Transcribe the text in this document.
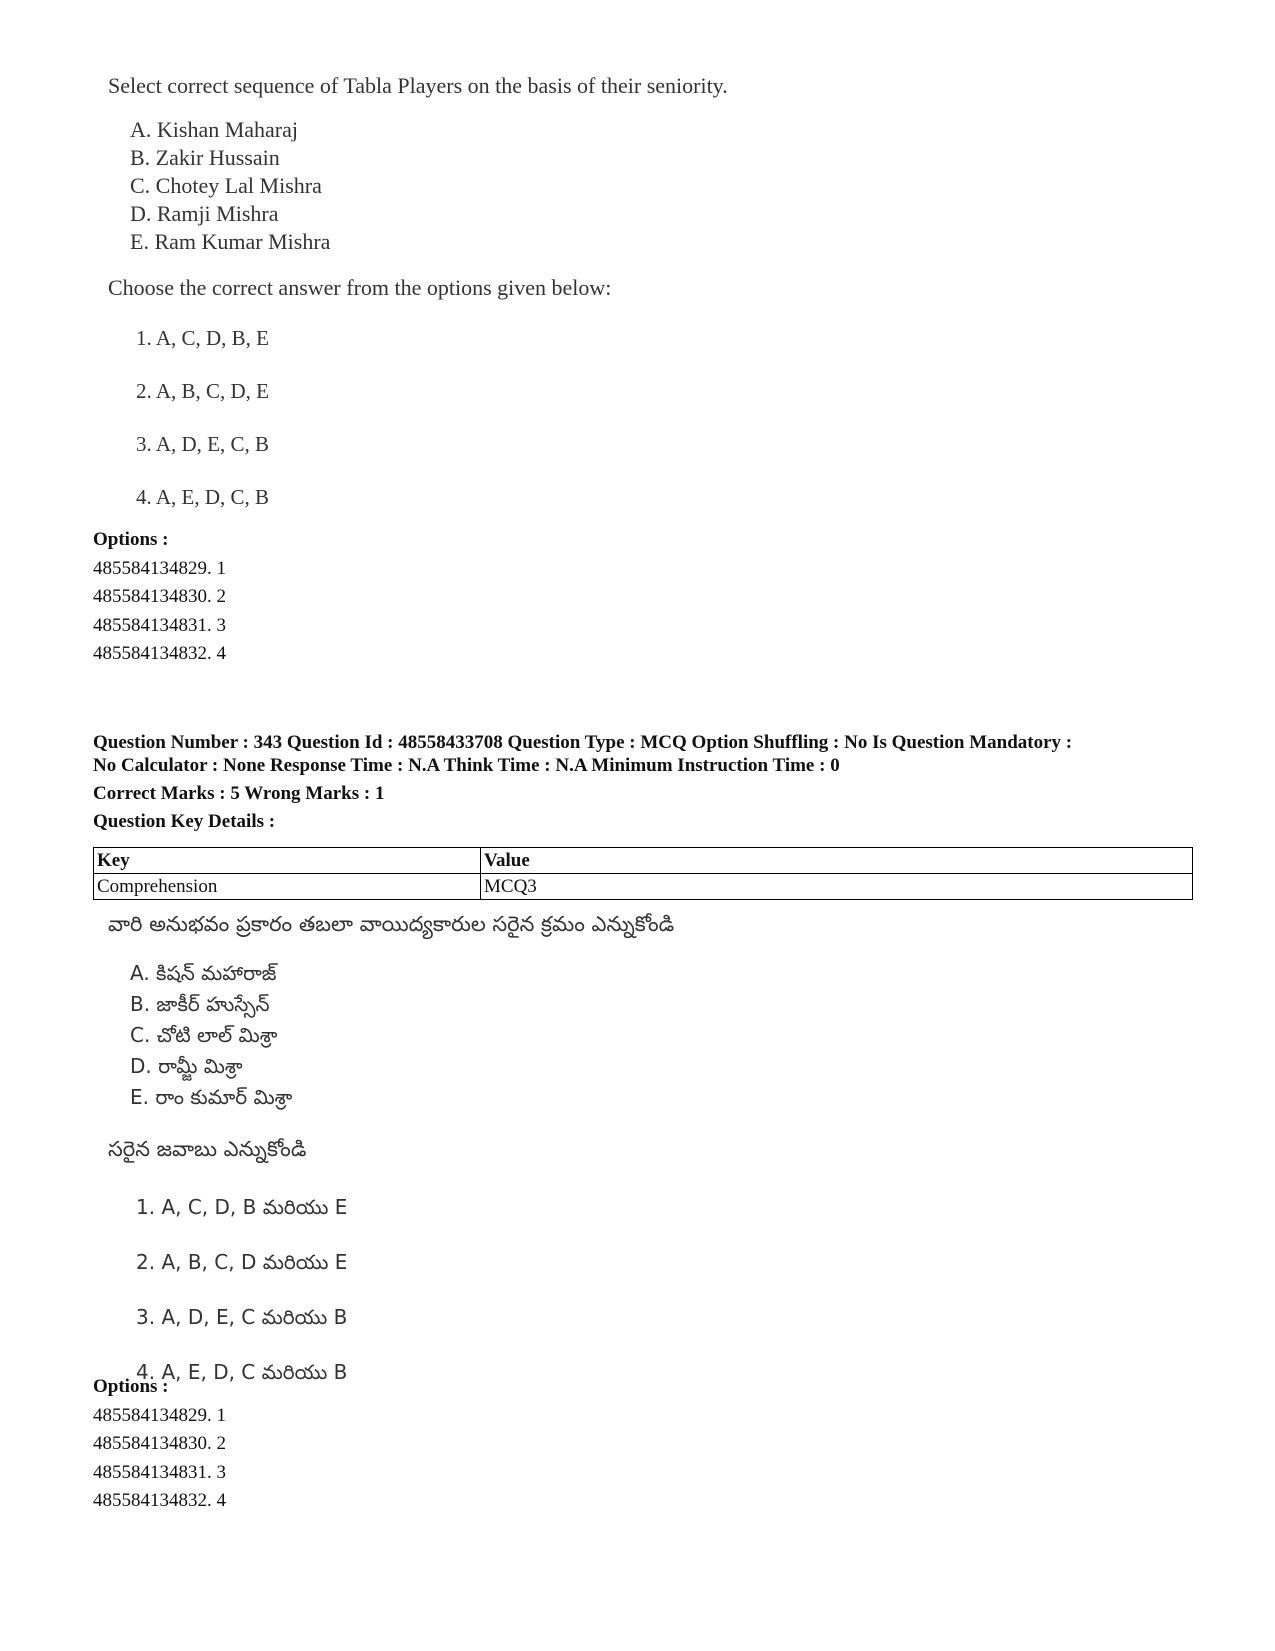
Select correct sequence of Tabla Players on the basis of their seniority.

A. Kishan Maharaj
B. Zakir Hussain
C. Chotey Lal Mishra
D. Ramji Mishra
E. Ram Kumar Mishra

Choose the correct answer from the options given below:

1. A, C, D, B, E
2. A, B, C, D, E
3. A, D, E, C, B
4. A, E, D, C, B
Options :
485584134829. 1
485584134830. 2
485584134831. 3
485584134832. 4
Question Number : 343 Question Id : 48558433708 Question Type : MCQ Option Shuffling : No Is Question Mandatory :
No Calculator : None Response Time : N.A Think Time : N.A Minimum Instruction Time : 0
Correct Marks : 5 Wrong Marks : 1
Question Key Details :
Key	Value
Comprehension	MCQ3

వారి అనుభవం ప్రకారం తబలా వాయిద్యకారుల సరైన క్రమం ఎన్నుకోండి

A. కిషన్ మహారాజ్
B. జాకీర్ హుస్సేన్
C. చోటి లాల్ మిశ్రా
D. రామ్జీ మిశ్రా
E. రాం కుమార్ మిశ్రా

సరైన జవాబు ఎన్నుకోండి

1. A, C, D, B మరియు E
2. A, B, C, D మరియు E
3. A, D, E, C మరియు B
4. A, E, D, C మరియు B
Options :
485584134829. 1
485584134830. 2
485584134831. 3
485584134832. 4
